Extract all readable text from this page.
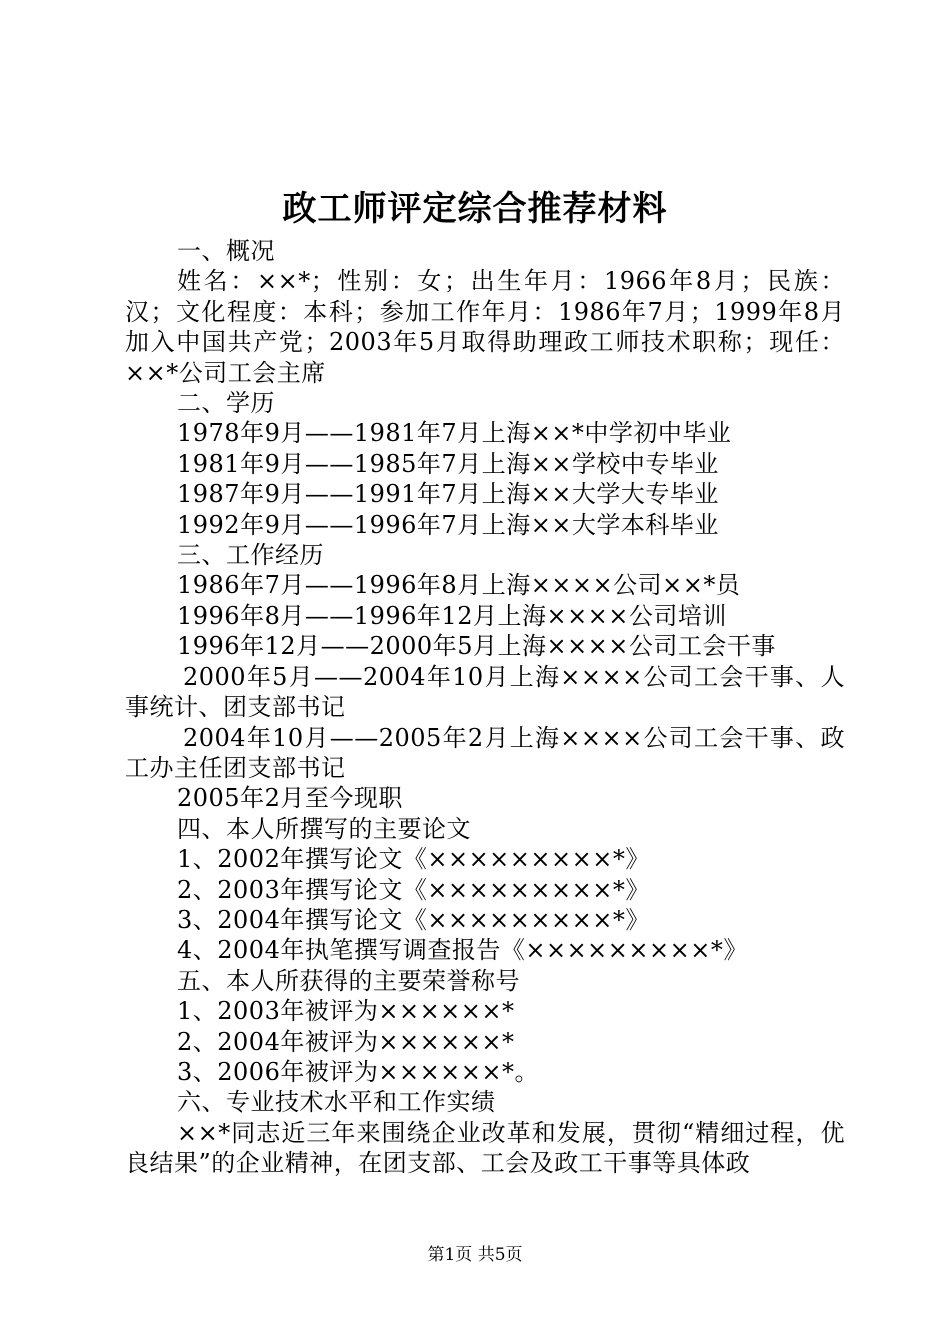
政工师评定综合推荐材料

一、概况

姓名：××*；性别：女；出生年月：1966年8月；民族：汉；文化程度：本科；参加工作年月：1986年7月；1999年8月加入中国共产党；2003年5月取得助理政工师技术职称；现任：××*公司工会主席

二、学历

1978年9月——1981年7月上海××*中学初中毕业

1981年9月——1985年7月上海××学校中专毕业

1987年9月——1991年7月上海××大学大专毕业

1992年9月——1996年7月上海××大学本科毕业

三、工作经历

1986年7月——1996年8月上海××××公司××*员

1996年8月——1996年12月上海××××公司培训

1996年12月——2000年5月上海××××公司工会干事

2000年5月——2004年10月上海××××公司工会干事、人事统计、团支部书记

2004年10月——2005年2月上海××××公司工会干事、政工办主任团支部书记

2005年2月至今现职

四、本人所撰写的主要论文

1、2002年撰写论文《×××××××××*》

2、2003年撰写论文《×××××××××*》

3、2004年撰写论文《×××××××××*》

4、2004年执笔撰写调查报告《×××××××××*》

五、本人所获得的主要荣誉称号

1、2003年被评为××××××*

2、2004年被评为××××××*

3、2006年被评为××××××*。

六、专业技术水平和工作实绩

××*同志近三年来围绕企业改革和发展，贯彻“精细过程，优良结果”的企业精神，在团支部、工会及政工干事等具体政

第1页 共5页
